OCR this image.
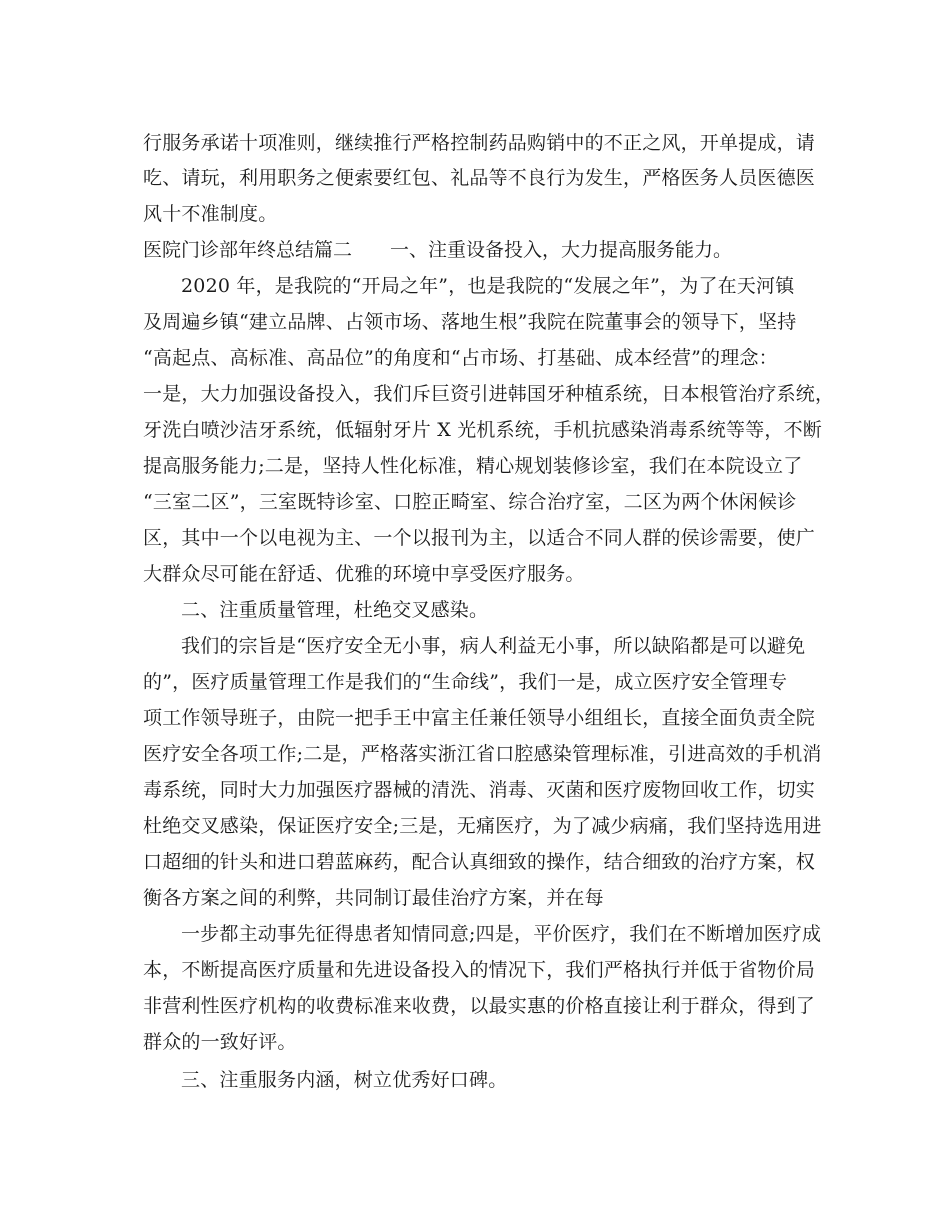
行服务承诺十项准则，继续推行严格控制药品购销中的不正之风，开单提成，请
吃、请玩，利用职务之便索要红包、礼品等不良行为发生，严格医务人员医德医
风十不准制度。
医院门诊部年终总结篇二　　一、注重设备投入，大力提高服务能力。
2020 年，是我院的“开局之年”，也是我院的“发展之年”，为了在天河镇
及周遍乡镇“建立品牌、占领市场、落地生根”我院在院董事会的领导下，坚持
“高起点、高标准、高品位”的角度和“占市场、打基础、成本经营”的理念：
一是，大力加强设备投入，我们斥巨资引进韩国牙种植系统，日本根管治疗系统，
牙洗白喷沙洁牙系统，低辐射牙片 X 光机系统，手机抗感染消毒系统等等，不断
提高服务能力;二是，坚持人性化标准，精心规划装修诊室，我们在本院设立了
“三室二区”，三室既特诊室、口腔正畸室、综合治疗室，二区为两个休闲候诊
区，其中一个以电视为主、一个以报刊为主，以适合不同人群的侯诊需要，使广
大群众尽可能在舒适、优雅的环境中享受医疗服务。
二、注重质量管理，杜绝交叉感染。
我们的宗旨是“医疗安全无小事，病人利益无小事，所以缺陷都是可以避免
的”，医疗质量管理工作是我们的“生命线”，我们一是，成立医疗安全管理专
项工作领导班子，由院一把手王中富主任兼任领导小组组长，直接全面负责全院
医疗安全各项工作;二是，严格落实浙江省口腔感染管理标准，引进高效的手机消
毒系统，同时大力加强医疗器械的清洗、消毒、灭菌和医疗废物回收工作，切实
杜绝交叉感染，保证医疗安全;三是，无痛医疗，为了减少病痛，我们坚持选用进
口超细的针头和进口碧蓝麻药，配合认真细致的操作，结合细致的治疗方案，权
衡各方案之间的利弊，共同制订最佳治疗方案，并在每
一步都主动事先征得患者知情同意;四是，平价医疗，我们在不断增加医疗成
本，不断提高医疗质量和先进设备投入的情况下，我们严格执行并低于省物价局
非营利性医疗机构的收费标准来收费，以最实惠的价格直接让利于群众，得到了
群众的一致好评。
三、注重服务内涵，树立优秀好口碑。
